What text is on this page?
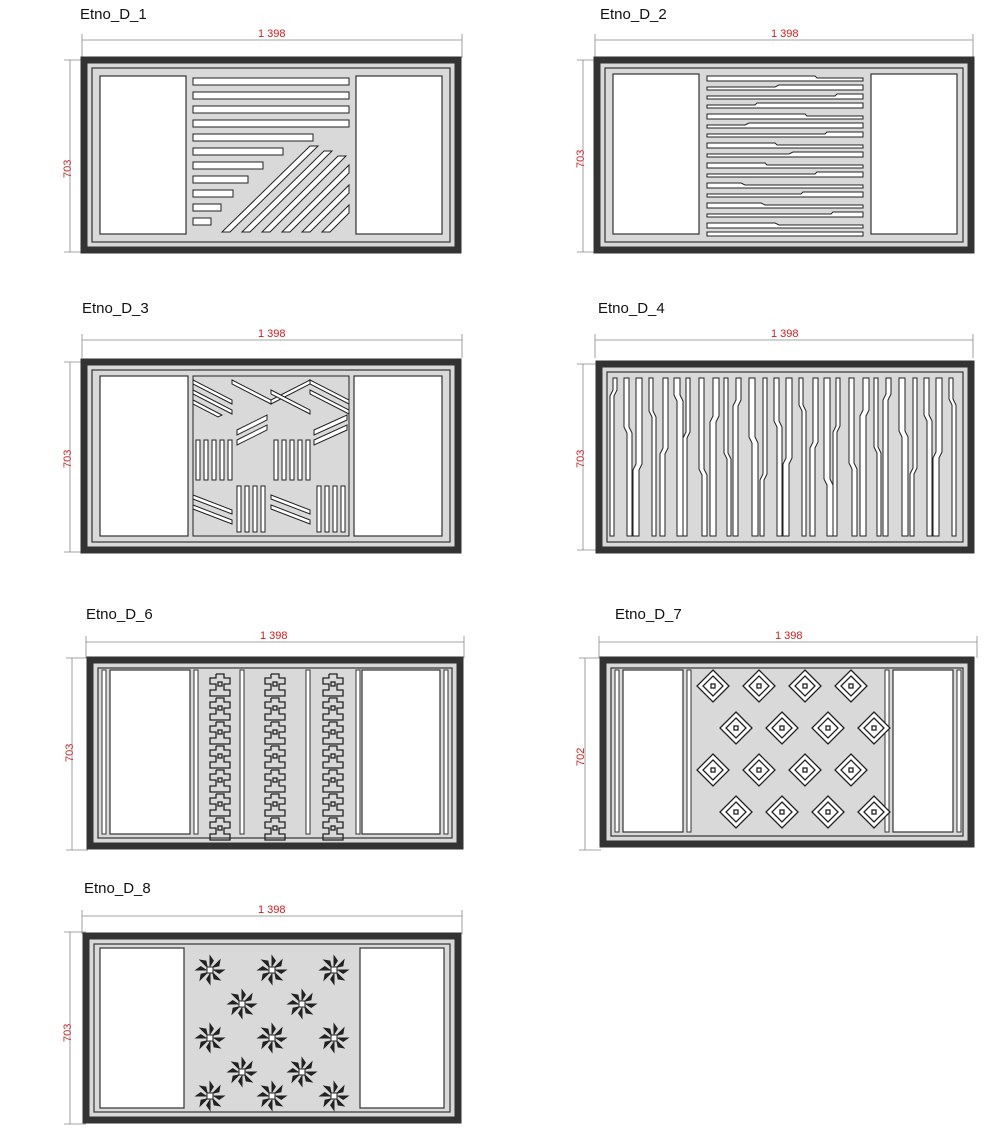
Etno_D_1
1 398
703
Etno_D_2
1 398
703
Etno_D_3
1 398
703
Etno_D_4
1 398
703
Etno_D_6
1 398
703
Etno_D_7
1 398
702
Etno_D_8
1 398
703
